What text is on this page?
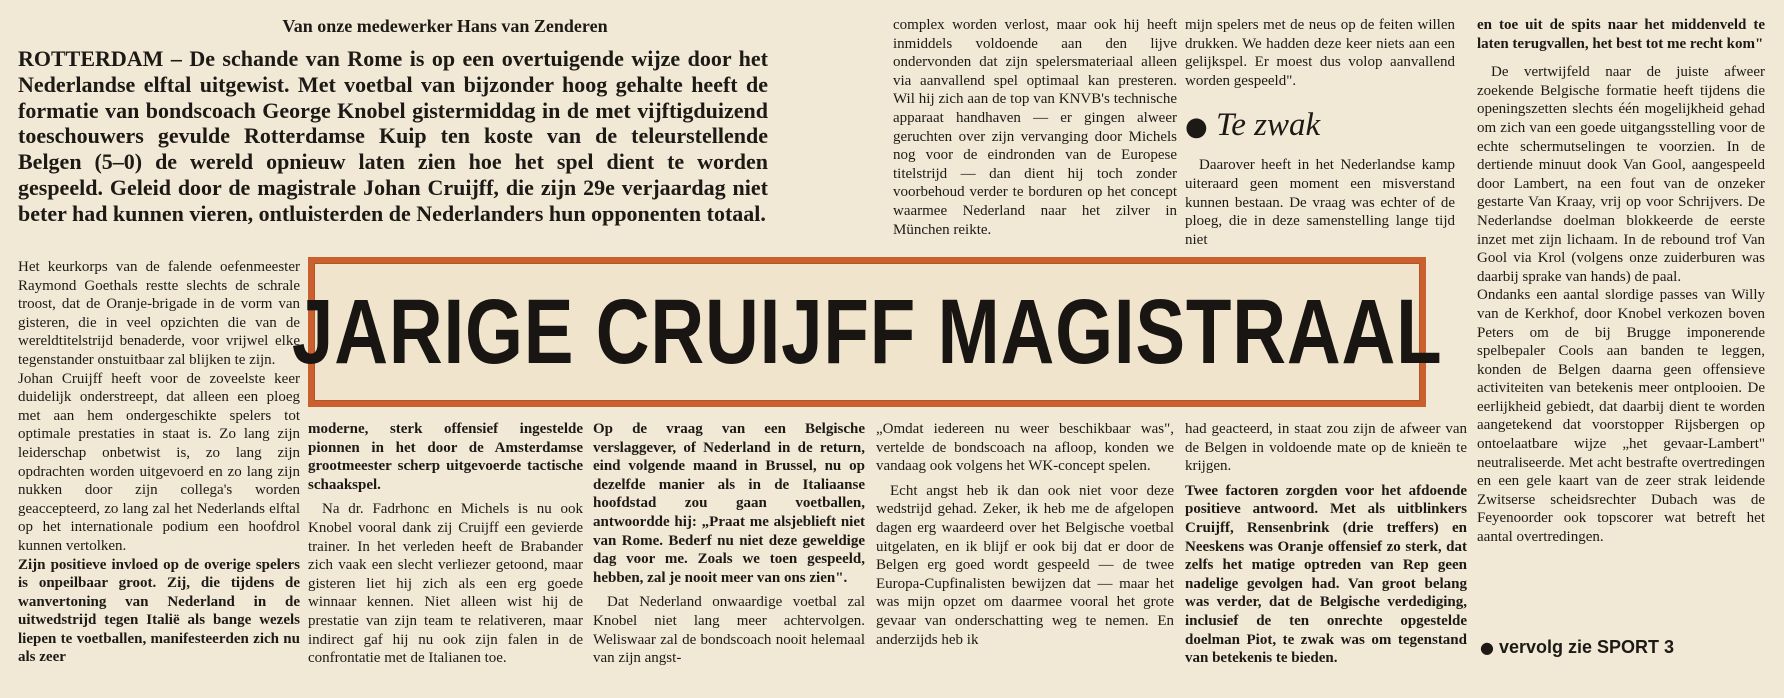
Van onze medewerker Hans van Zenderen
ROTTERDAM – De schande van Rome is op een overtuigende wijze door het Nederlandse elftal uitgewist. Met voetbal van bijzonder hoog gehalte heeft de formatie van bondscoach George Knobel gistermiddag in de met vijftigduizend toeschouwers gevulde Rotterdamse Kuip ten koste van de teleurstellende Belgen (5–0) de wereld opnieuw laten zien hoe het spel dient te worden gespeeld. Geleid door de magistrale Johan Cruijff, die zijn 29e verjaardag niet beter had kunnen vieren, ontluisterden de Nederlanders hun opponenten totaal.

complex worden verlost, maar ook hij heeft inmiddels voldoende aan den lijve ondervonden dat zijn spelersmateriaal alleen via aanvallend spel optimaal kan presteren. Wil hij zich aan de top van KNVB's technische apparaat handhaven — er gingen alweer geruchten over zijn vervanging door Michels nog voor de eindronden van de Europese titelstrijd — dan dient hij toch zonder voorbehoud verder te borduren op het concept waarmee Nederland naar het zilver in München reikte.

mijn spelers met de neus op de feiten willen drukken. We hadden deze keer niets aan een gelijkspel. Er moest dus volop aanvallend worden gespeeld".

● Te zwak

Daarover heeft in het Nederlandse kamp uiteraard geen moment een misverstand kunnen bestaan. De vraag was echter of de ploeg, die in deze samenstelling lange tijd niet

Het keurkorps van de falende oefenmeester Raymond Goethals restte slechts de schrale troost, dat de Oranje-brigade in de vorm van gisteren, die in veel opzichten die van de wereldtitelstrijd benaderde, voor vrijwel elke tegenstander onstuitbaar zal blijken te zijn.

Johan Cruijff heeft voor de zoveelste keer duidelijk onderstreept, dat alleen een ploeg met aan hem ondergeschikte spelers tot optimale prestaties in staat is. Zo lang zijn leiderschap onbetwist is, zo lang zijn opdrachten worden uitgevoerd en zo lang zijn nukken door zijn collega's worden geaccepteerd, zo lang zal het Nederlands elftal op het internationale podium een hoofdrol kunnen vertolken.

Zijn positieve invloed op de overige spelers is onpeilbaar groot. Zij, die tijdens de wanvertoning van Nederland in de uitwedstrijd tegen Italië als bange wezels liepen te voetballen, manifesteerden zich nu als zeer

en toe uit de spits naar het middenveld te laten terugvallen, het best tot me recht kom"

De vertwijfeld naar de juiste afweer zoekende Belgische formatie heeft tijdens die openingszetten slechts één mogelijkheid gehad om zich van een goede uitgangsstelling voor de echte schermutselingen te voorzien. In de dertiende minuut dook Van Gool, aangespeeld door Lambert, na een fout van de onzeker gestarte Van Kraay, vrij op voor Schrijvers. De Nederlandse doelman blokkeerde de eerste inzet met zijn lichaam. In de rebound trof Van Gool via Krol (volgens onze zuiderburen was daarbij sprake van hands) de paal.

Ondanks een aantal slordige passes van Willy van de Kerkhof, door Knobel verkozen boven Peters om de bij Brugge imponerende spelbepaler Cools aan banden te leggen, konden de Belgen daarna geen offensieve activiteiten van betekenis meer ontplooien. De eerlijkheid gebiedt, dat daarbij dient te worden aangetekend dat voorstopper Rijsbergen op ontoelaatbare wijze „het gevaar-Lambert" neutraliseerde. Met acht bestrafte overtredingen en een gele kaart van de zeer strak leidende Zwitserse scheidsrechter Dubach was de Feyenoorder ook topscorer wat betreft het aantal overtredingen.

JARIGE CRUIJFF MAGISTRAAL

moderne, sterk offensief ingestelde pionnen in het door de Amsterdamse grootmeester scherp uitgevoerde tactische schaakspel.

Na dr. Fadrhonc en Michels is nu ook Knobel vooral dank zij Cruijff een gevierde trainer. In het verleden heeft de Brabander zich vaak een slecht verliezer getoond, maar gisteren liet hij zich als een erg goede winnaar kennen. Niet alleen wist hij de prestatie van zijn team te relativeren, maar indirect gaf hij nu ook zijn falen in de confrontatie met de Italianen toe.

Op de vraag van een Belgische verslaggever, of Nederland in de return, eind volgende maand in Brussel, nu op dezelfde manier als in de Italiaanse hoofdstad zou gaan voetballen, antwoordde hij: „Praat me alsjeblieft niet van Rome. Bederf nu niet deze geweldige dag voor me. Zoals we toen gespeeld, hebben, zal je nooit meer van ons zien".

Dat Nederland onwaardige voetbal zal Knobel niet lang meer achtervolgen. Weliswaar zal de bondscoach nooit helemaal van zijn angst-

„Omdat iedereen nu weer beschikbaar was", vertelde de bondscoach na afloop, konden we vandaag ook volgens het WK-concept spelen.

Echt angst heb ik dan ook niet voor deze wedstrijd gehad. Zeker, ik heb me de afgelopen dagen erg waardeerd over het Belgische voetbal uitgelaten, en ik blijf er ook bij dat er door de Belgen erg goed wordt gespeeld — de twee Europa-Cupfinalisten bewijzen dat — maar het was mijn opzet om daarmee vooral het grote gevaar van onderschatting weg te nemen. En anderzijds heb ik

had geacteerd, in staat zou zijn de afweer van de Belgen in voldoende mate op de knieën te krijgen.

Twee factoren zorgden voor het afdoende positieve antwoord. Met als uitblinkers Cruijff, Rensenbrink (drie treffers) en Neeskens was Oranje offensief zo sterk, dat zelfs het matige optreden van Rep geen nadelige gevolgen had. Van groot belang was verder, dat de Belgische verdediging, inclusief de ten onrechte opgestelde doelman Piot, te zwak was om tegenstand van betekenis te bieden.

● vervolg zie SPORT 3
